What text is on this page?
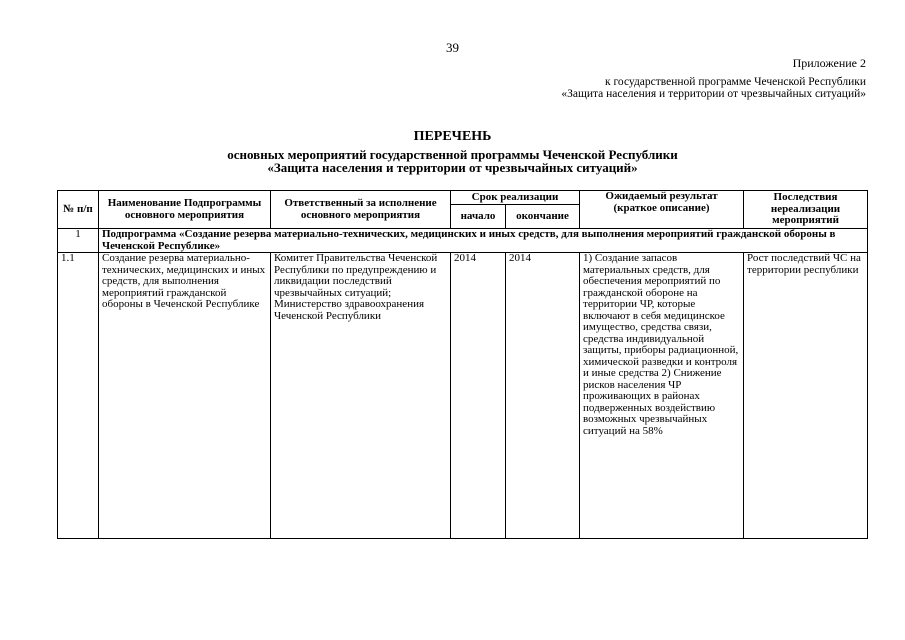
39
Приложение 2
к государственной программе Чеченской Республики
«Защита населения и территории от чрезвычайных ситуаций»
ПЕРЕЧЕНЬ
основных мероприятий государственной программы Чеченской Республики
«Защита населения и территории от чрезвычайных ситуаций»
№ п/п	Наименование Подпрограммы основного мероприятия	Ответственный за исполнение основного мероприятия	Срок реализации		Ожидаемый результат (краткое описание)	Последствия нереализации мероприятий
			начало	окончание		
1	Подпрограмма «Создание резерва материально-технических, медицинских и иных средств, для выполнения мероприятий гражданской обороны в Чеченской Республике»					
1.1	Создание резерва материально-технических, медицинских и иных средств, для выполнения мероприятий гражданской обороны в Чеченской Республике	Комитет Правительства Чеченской Республики по предупреждению и ликвидации последствий чрезвычайных ситуаций; Министерство здравоохранения Чеченской Республики	2014	2014	1) Создание запасов материальных средств, для обеспечения мероприятий по гражданской обороне на территории ЧР, которые включают в себя медицинское имущество, средства связи, средства индивидуальной защиты, приборы радиационной, химической разведки и контроля и иные средства 2) Снижение рисков населения ЧР проживающих в районах подверженных воздействию возможных чрезвычайных ситуаций на 58%	Рост последствий ЧС на территории республики
